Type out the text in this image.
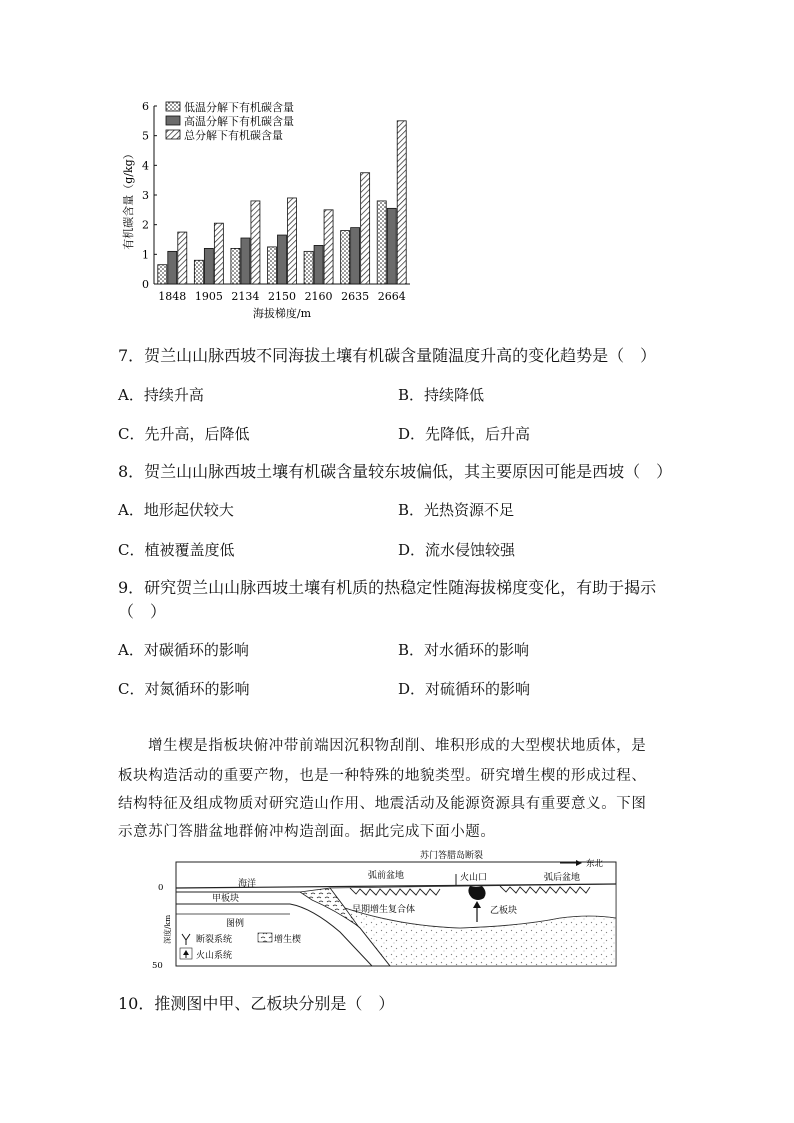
0
1
2
3
4
5
6
有机碳含量（g/kg）
1848 1905 2134 2150 2160 2635 2664
海拔梯度/m
低温分解下有机碳含量
高温分解下有机碳含量
总分解下有机碳含量
7．贺兰山山脉西坡不同海拔土壤有机碳含量随温度升高的变化趋势是（　）
A．持续升高	B．持续降低
C．先升高，后降低	D．先降低，后升高
8．贺兰山山脉西坡土壤有机碳含量较东坡偏低，其主要原因可能是西坡（　）
A．地形起伏较大	B．光热资源不足
C．植被覆盖度低	D．流水侵蚀较强
9．研究贺兰山山脉西坡土壤有机质的热稳定性随海拔梯度变化，有助于揭示
（　）
A．对碳循环的影响	B．对水循环的影响
C．对氮循环的影响	D．对硫循环的影响
增生楔是指板块俯冲带前端因沉积物刮削、堆积形成的大型楔状地质体，是
板块构造活动的重要产物，也是一种特殊的地貌类型。研究增生楔的形成过程、
结构特征及组成物质对研究造山作用、地震活动及能源资源具有重要意义。下图
示意苏门答腊盆地群俯冲构造剖面。据此完成下面小题。
苏门答腊岛断裂
东北
海洋
弧前盆地	火山口	弧后盆地
甲板块
乙板块
早期增生复合体
0
50
深度/km	图例
断裂系统	增生楔
火山系统
10．推测图中甲、乙板块分别是（　）
